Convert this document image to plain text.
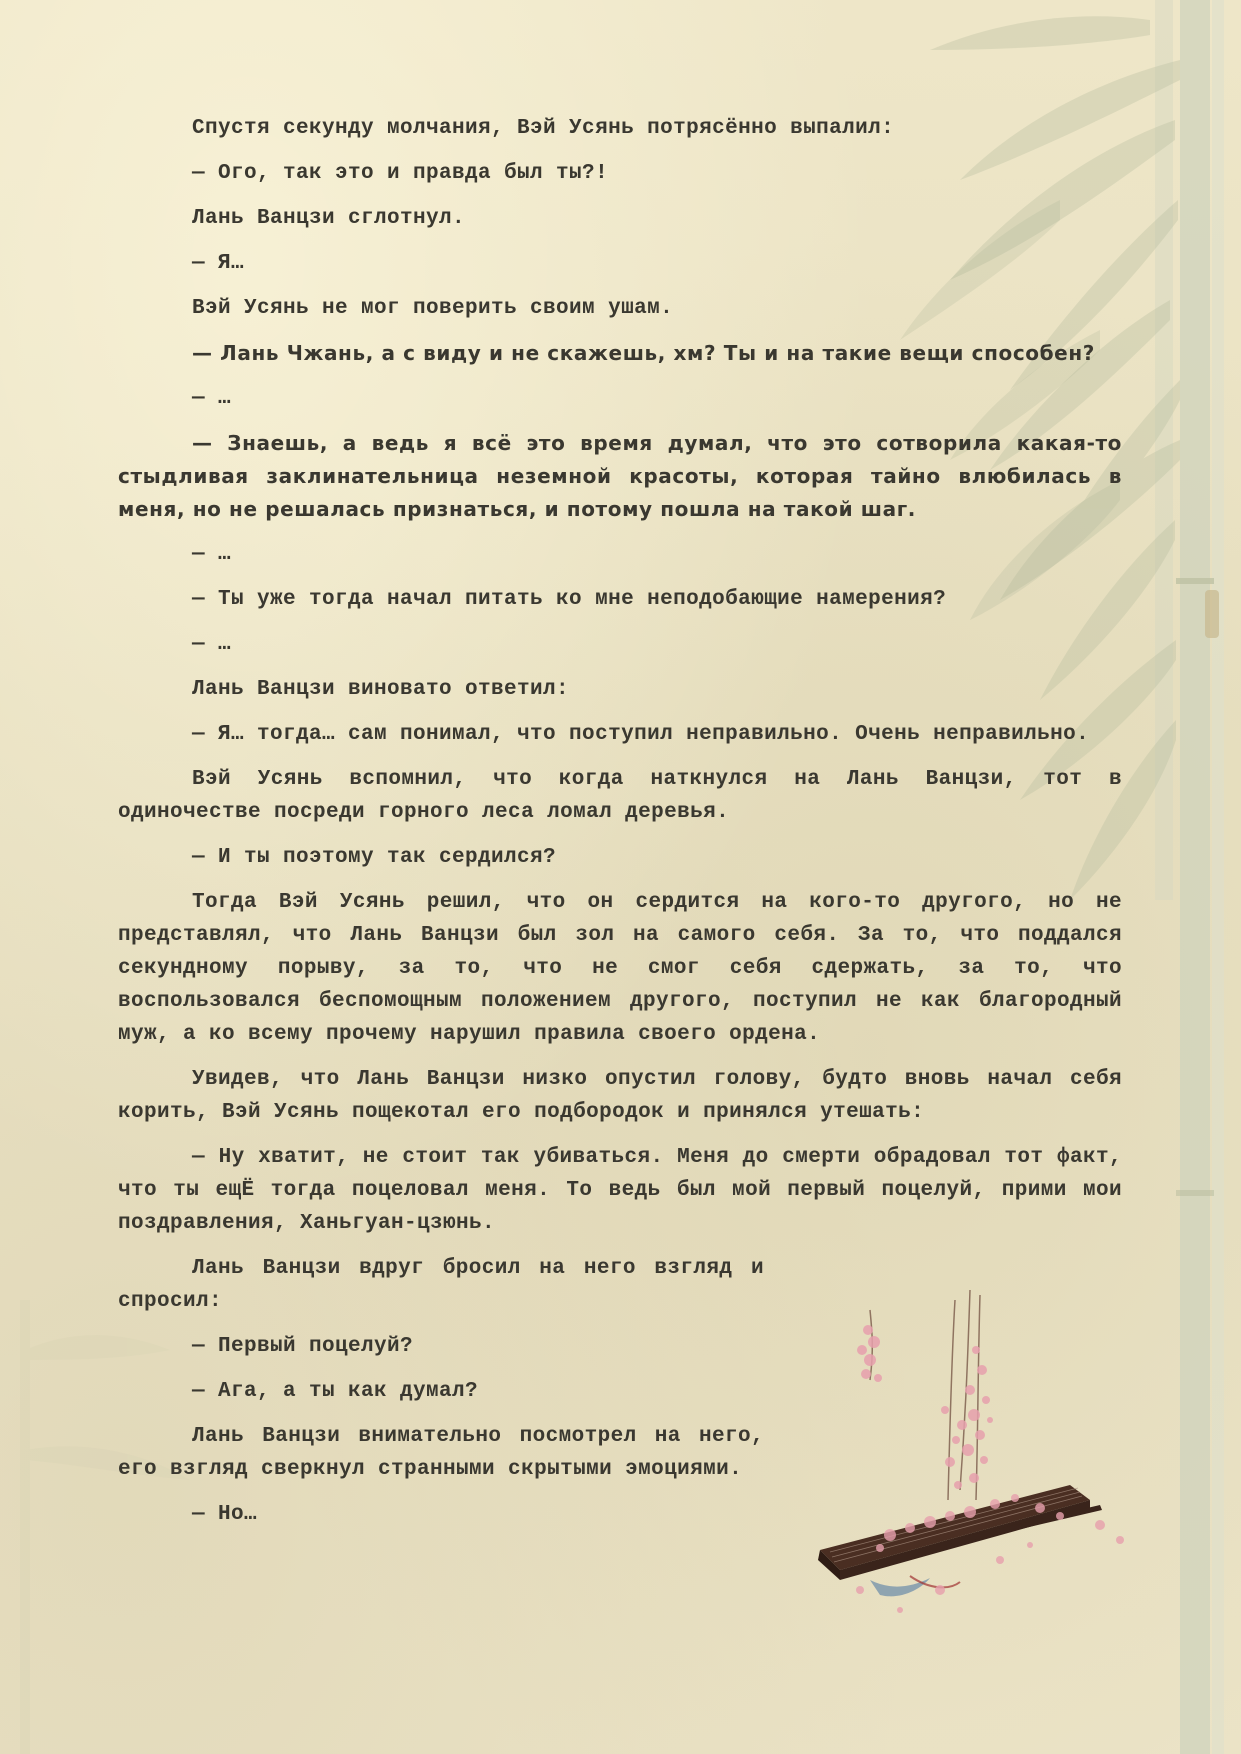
Спустя секунду молчания, Вэй Усянь потрясённо выпалил:

— Ого, так это и правда был ты?!

Лань Ванцзи сглотнул.

— Я…

Вэй Усянь не мог поверить своим ушам.

— Лань Чжань, а с виду и не скажешь, хм? Ты и на такие вещи способен?

— …

— Знаешь, а ведь я всё это время думал, что это сотворила какая-то стыдливая заклинательница неземной красоты, которая тайно влюбилась в меня, но не решалась признаться, и потому пошла на такой шаг.

— …

— Ты уже тогда начал питать ко мне неподобающие намерения?

— …

Лань Ванцзи виновато ответил:

— Я… тогда… сам понимал, что поступил неправильно. Очень неправильно.

Вэй Усянь вспомнил, что когда наткнулся на Лань Ванцзи, тот в одиночестве посреди горного леса ломал деревья.

— И ты поэтому так сердился?

Тогда Вэй Усянь решил, что он сердится на кого-то другого, но не представлял, что Лань Ванцзи был зол на самого себя. За то, что поддался секундному порыву, за то, что не смог себя сдержать, за то, что воспользовался беспомощным положением другого, поступил не как благородный муж, а ко всему прочему нарушил правила своего ордена.

Увидев, что Лань Ванцзи низко опустил голову, будто вновь начал себя корить, Вэй Усянь пощекотал его подбородок и принялся утешать:

— Ну хватит, не стоит так убиваться. Меня до смерти обрадовал тот факт, что ты ещЁ тогда поцеловал меня. То ведь был мой первый поцелуй, прими мои поздравления, Ханьгуан-цзюнь.

Лань Ванцзи вдруг бросил на него взгляд и спросил:

— Первый поцелуй?

— Ага, а ты как думал?

Лань Ванцзи внимательно посмотрел на него, его взгляд сверкнул странными скрытыми эмоциями.

— Но…
